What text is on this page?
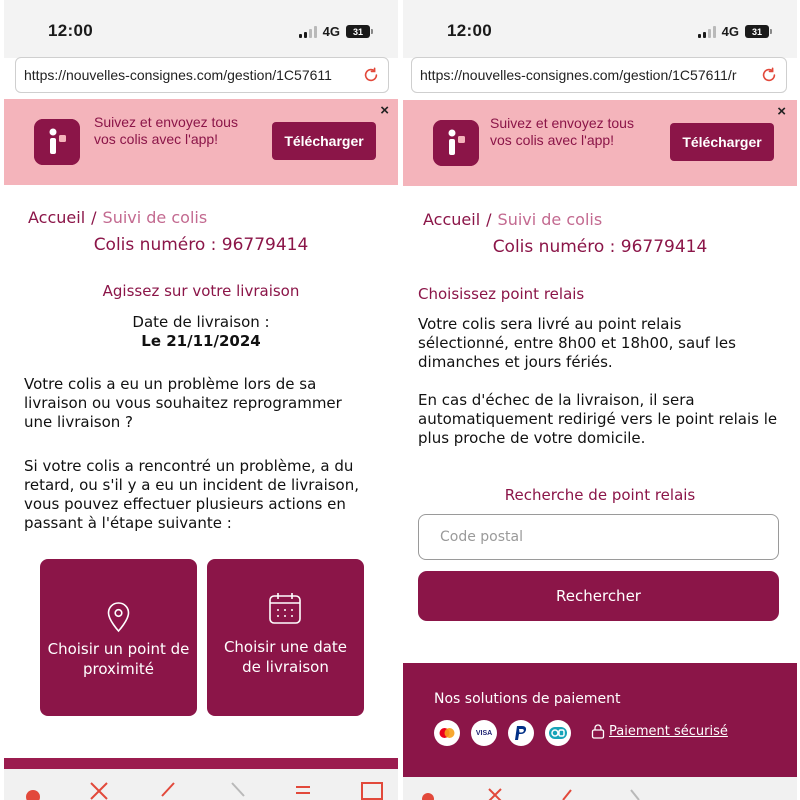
12:00	4G	31
https://nouvelles-consignes.com/gestion/1C57611
Suivez et envoyez tous vos colis avec l'app!	Télécharger
×
Accueil / Suivi de colis
Colis numéro : 96779414
Agissez sur votre livraison
Date de livraison :
Le 21/11/2024
Votre colis a eu un problème lors de sa livraison ou vous souhaitez reprogrammer une livraison ?
Si votre colis a rencontré un problème, a du retard, ou s'il y a eu un incident de livraison, vous pouvez effectuer plusieurs actions en passant à l'étape suivante :
Choisir un point de proximité
Choisir une date de livraison
12:00	4G	31
https://nouvelles-consignes.com/gestion/1C57611/r
Suivez et envoyez tous vos colis avec l'app!	Télécharger
×
Accueil / Suivi de colis
Colis numéro : 96779414
Choisissez point relais
Votre colis sera livré au point relais sélectionné, entre 8h00 et 18h00, sauf les dimanches et jours fériés.
En cas d'échec de la livraison, il sera automatiquement redirigé vers le point relais le plus proche de votre domicile.
Recherche de point relais
Code postal
Rechercher
Nos solutions de paiement
VISA	Paiement sécurisé
